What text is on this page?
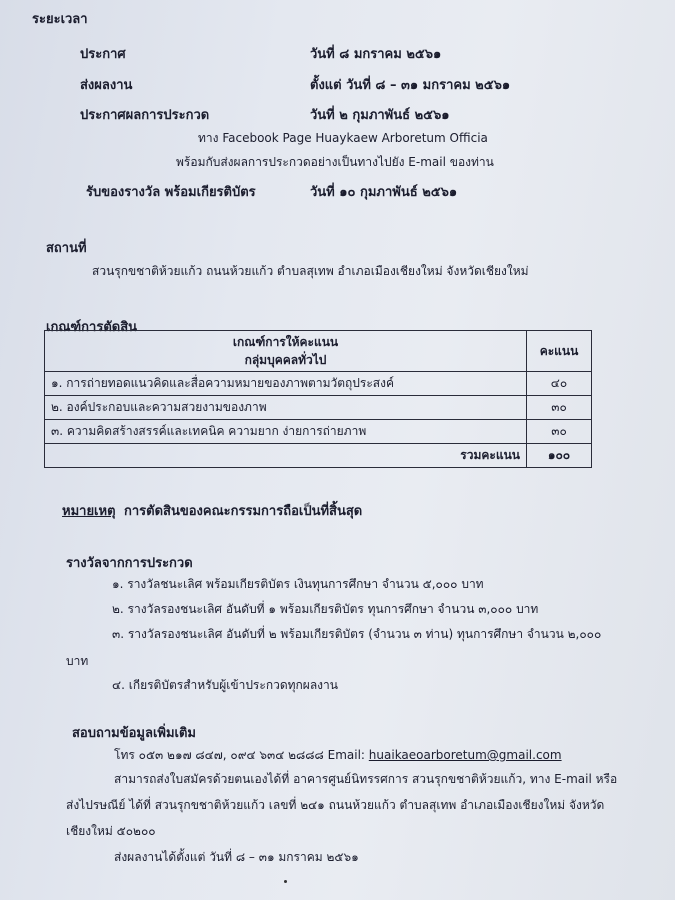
ระยะเวลา
ประกาศ	วันที่ ๘ มกราคม ๒๕๖๑
ส่งผลงาน	ตั้งแต่ วันที่ ๘ – ๓๑ มกราคม ๒๕๖๑
ประกาศผลการประกวด	วันที่ ๒ กุมภาพันธ์ ๒๕๖๑
ทาง Facebook Page Huaykaew Arboretum Officia
พร้อมกับส่งผลการประกวดอย่างเป็นทางไปยัง E-mail ของท่าน
รับของรางวัล พร้อมเกียรติบัตร	วันที่ ๑๐ กุมภาพันธ์ ๒๕๖๑
สถานที่
สวนรุกขชาติห้วยแก้ว ถนนห้วยแก้ว ตำบลสุเทพ อำเภอเมืองเชียงใหม่ จังหวัดเชียงใหม่
เกณฑ์การตัดสิน
เกณฑ์การให้คะแนน
กลุ่มบุคคลทั่วไป	คะแนน
๑. การถ่ายทอดแนวคิดและสื่อความหมายของภาพตามวัตถุประสงค์	๔๐
๒. องค์ประกอบและความสวยงามของภาพ	๓๐
๓. ความคิดสร้างสรรค์และเทคนิค ความยาก ง่ายการถ่ายภาพ	๓๐
รวมคะแนน	๑๐๐
หมายเหตุ การตัดสินของคณะกรรมการถือเป็นที่สิ้นสุด
รางวัลจากการประกวด
๑. รางวัลชนะเลิศ พร้อมเกียรติบัตร เงินทุนการศึกษา จำนวน ๕,๐๐๐ บาท
๒. รางวัลรองชนะเลิศ อันดับที่ ๑ พร้อมเกียรติบัตร ทุนการศึกษา จำนวน ๓,๐๐๐ บาท
๓. รางวัลรองชนะเลิศ อันดับที่ ๒ พร้อมเกียรติบัตร (จำนวน ๓ ท่าน) ทุนการศึกษา จำนวน ๒,๐๐๐
บาท
๔. เกียรติบัตรสำหรับผู้เข้าประกวดทุกผลงาน
สอบถามข้อมูลเพิ่มเติม
โทร ๐๕๓ ๒๑๗ ๘๔๗, ๐๙๔ ๖๓๔ ๒๘๘๘ Email: huaikaeoarboretum@gmail.com
สามารถส่งใบสมัครด้วยตนเองได้ที่ อาคารศูนย์นิทรรศการ สวนรุกขชาติห้วยแก้ว, ทาง E-mail หรือ
ส่งไปรษณีย์ ได้ที่ สวนรุกขชาติห้วยแก้ว เลขที่ ๒๔๑ ถนนห้วยแก้ว ตำบลสุเทพ อำเภอเมืองเชียงใหม่ จังหวัด
เชียงใหม่ ๕๐๒๐๐
ส่งผลงานได้ตั้งแต่ วันที่ ๘ – ๓๑ มกราคม ๒๕๖๑
